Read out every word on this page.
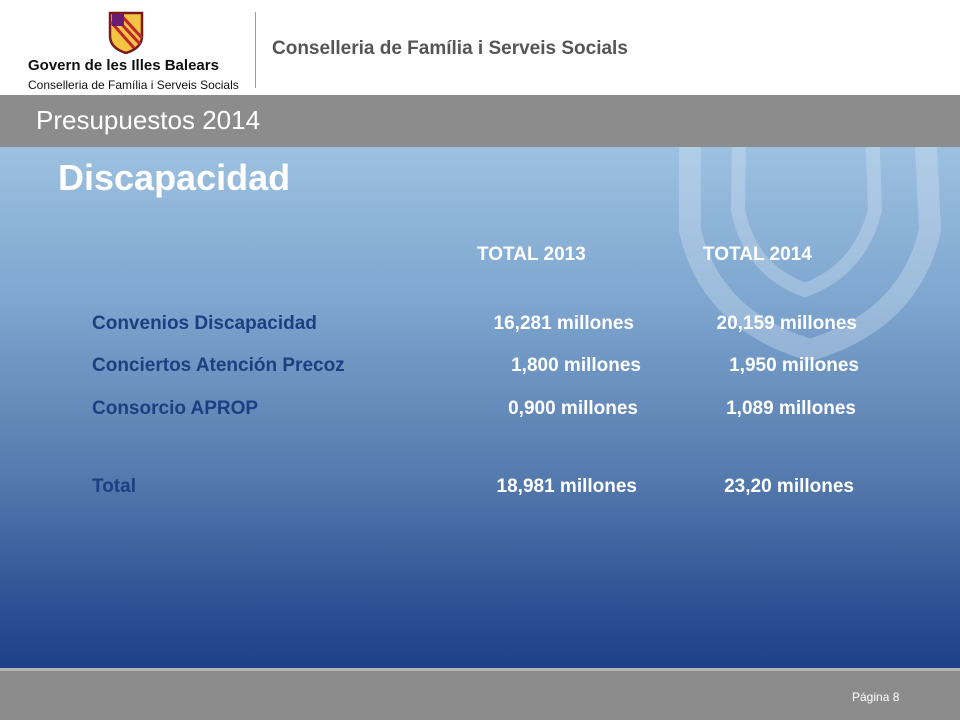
Govern de les Illes Balears
Conselleria de Família i Serveis Socials
Conselleria de Família i Serveis Socials
Presupuestos 2014
Discapacidad
TOTAL 2013	TOTAL 2014
Convenios Discapacidad	16,281 millones	20,159 millones
Conciertos Atención Precoz	1,800 millones	1,950 millones
Consorcio APROP	0,900 millones	1,089 millones
Total	18,981 millones	23,20 millones
Página 8
